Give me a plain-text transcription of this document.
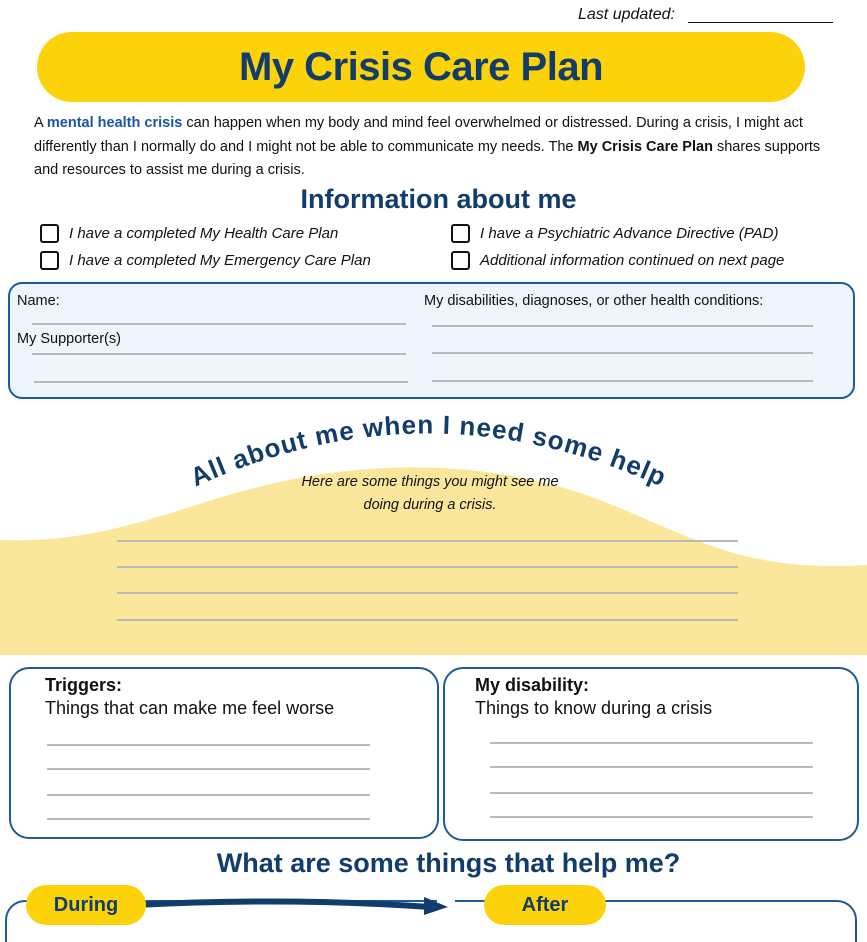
Last updated:
My Crisis Care Plan
A mental health crisis can happen when my body and mind feel overwhelmed or distressed. During a crisis, I might act differently than I normally do and I might not be able to communicate my needs. The My Crisis Care Plan shares supports and resources to assist me during a crisis.
Information about me
I have a completed My Health Care Plan
I have a completed My Emergency Care Plan
I have a Psychiatric Advance Directive (PAD)
Additional information continued on next page
Name:
My Supporter(s)
My disabilities, diagnoses, or other health conditions:
All about me when I need some help
Here are some things you might see me
doing during a crisis.
Triggers:
Things that can make me feel worse
My disability:
Things to know during a crisis
What are some things that help me?
During	After
